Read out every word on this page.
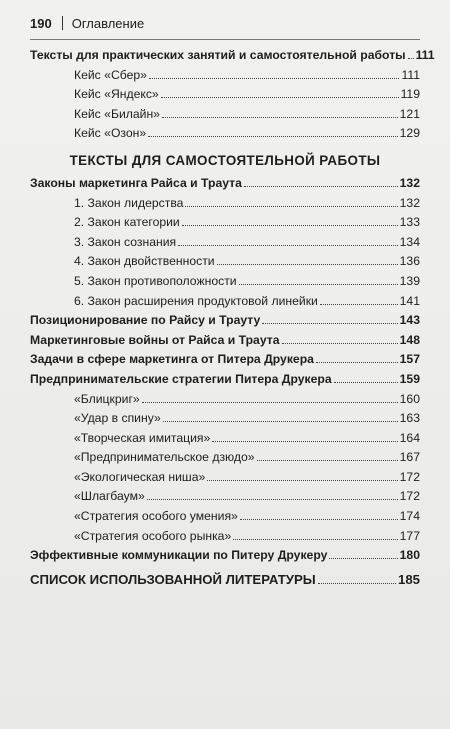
190 Оглавление
Тексты для практических занятий и самостоятельной работы 111
Кейс «Сбер»	111
Кейс «Яндекс»	119
Кейс «Билайн»	121
Кейс «Озон»	129
ТЕКСТЫ ДЛЯ САМОСТОЯТЕЛЬНОЙ РАБОТЫ
Законы маркетинга Райса и Траута	132
1. Закон лидерства	132
2. Закон категории	133
3. Закон сознания	134
4. Закон двойственности	136
5. Закон противоположности	139
6. Закон расширения продуктовой линейки	141
Позиционирование по Райсу и Трауту	143
Маркетинговые войны от Райса и Траута	148
Задачи в сфере маркетинга от Питера Друкера	157
Предпринимательские стратегии Питера Друкера	159
«Блицкриг»	160
«Удар в спину»	163
«Творческая имитация»	164
«Предпринимательское дзюдо»	167
«Экологическая ниша»	172
«Шлагбаум»	172
«Стратегия особого умения»	174
«Стратегия особого рынка»	177
Эффективные коммуникации по Питеру Друкеру	180
СПИСОК ИСПОЛЬЗОВАННОЙ ЛИТЕРАТУРЫ	185
